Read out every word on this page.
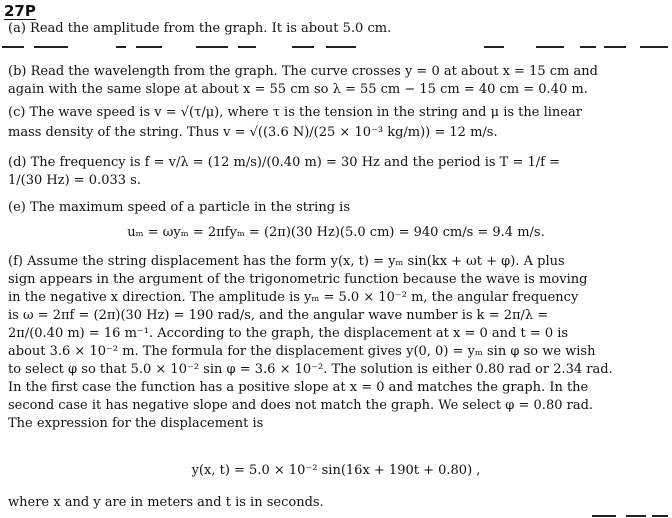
27P
(a) Read the amplitude from the graph. It is about 5.0 cm.
(b) Read the wavelength from the graph. The curve crosses y = 0 at about x = 15 cm and
again with the same slope at about x = 55 cm so λ = 55 cm − 15 cm = 40 cm = 0.40 m.
(c) The wave speed is v = √(τ/μ), where τ is the tension in the string and μ is the linear
mass density of the string. Thus v = √((3.6 N)/(25 × 10⁻³ kg/m)) = 12 m/s.
(d) The frequency is f = v/λ = (12 m/s)/(0.40 m) = 30 Hz and the period is T = 1/f =
1/(30 Hz) = 0.033 s.
(e) The maximum speed of a particle in the string is
uₘ = ωyₘ = 2πfyₘ = (2π)(30 Hz)(5.0 cm) = 940 cm/s = 9.4 m/s.
(f) Assume the string displacement has the form y(x, t) = yₘ sin(kx + ωt + φ). A plus
sign appears in the argument of the trigonometric function because the wave is moving
in the negative x direction. The amplitude is yₘ = 5.0 × 10⁻² m, the angular frequency
is ω = 2πf = (2π)(30 Hz) = 190 rad/s, and the angular wave number is k = 2π/λ =
2π/(0.40 m) = 16 m⁻¹. According to the graph, the displacement at x = 0 and t = 0 is
about 3.6 × 10⁻² m. The formula for the displacement gives y(0, 0) = yₘ sin φ so we wish
to select φ so that 5.0 × 10⁻² sin φ = 3.6 × 10⁻². The solution is either 0.80 rad or 2.34 rad.
In the first case the function has a positive slope at x = 0 and matches the graph. In the
second case it has negative slope and does not match the graph. We select φ = 0.80 rad.
The expression for the displacement is
y(x, t) = 5.0 × 10⁻² sin(16x + 190t + 0.80) ,
where x and y are in meters and t is in seconds.
